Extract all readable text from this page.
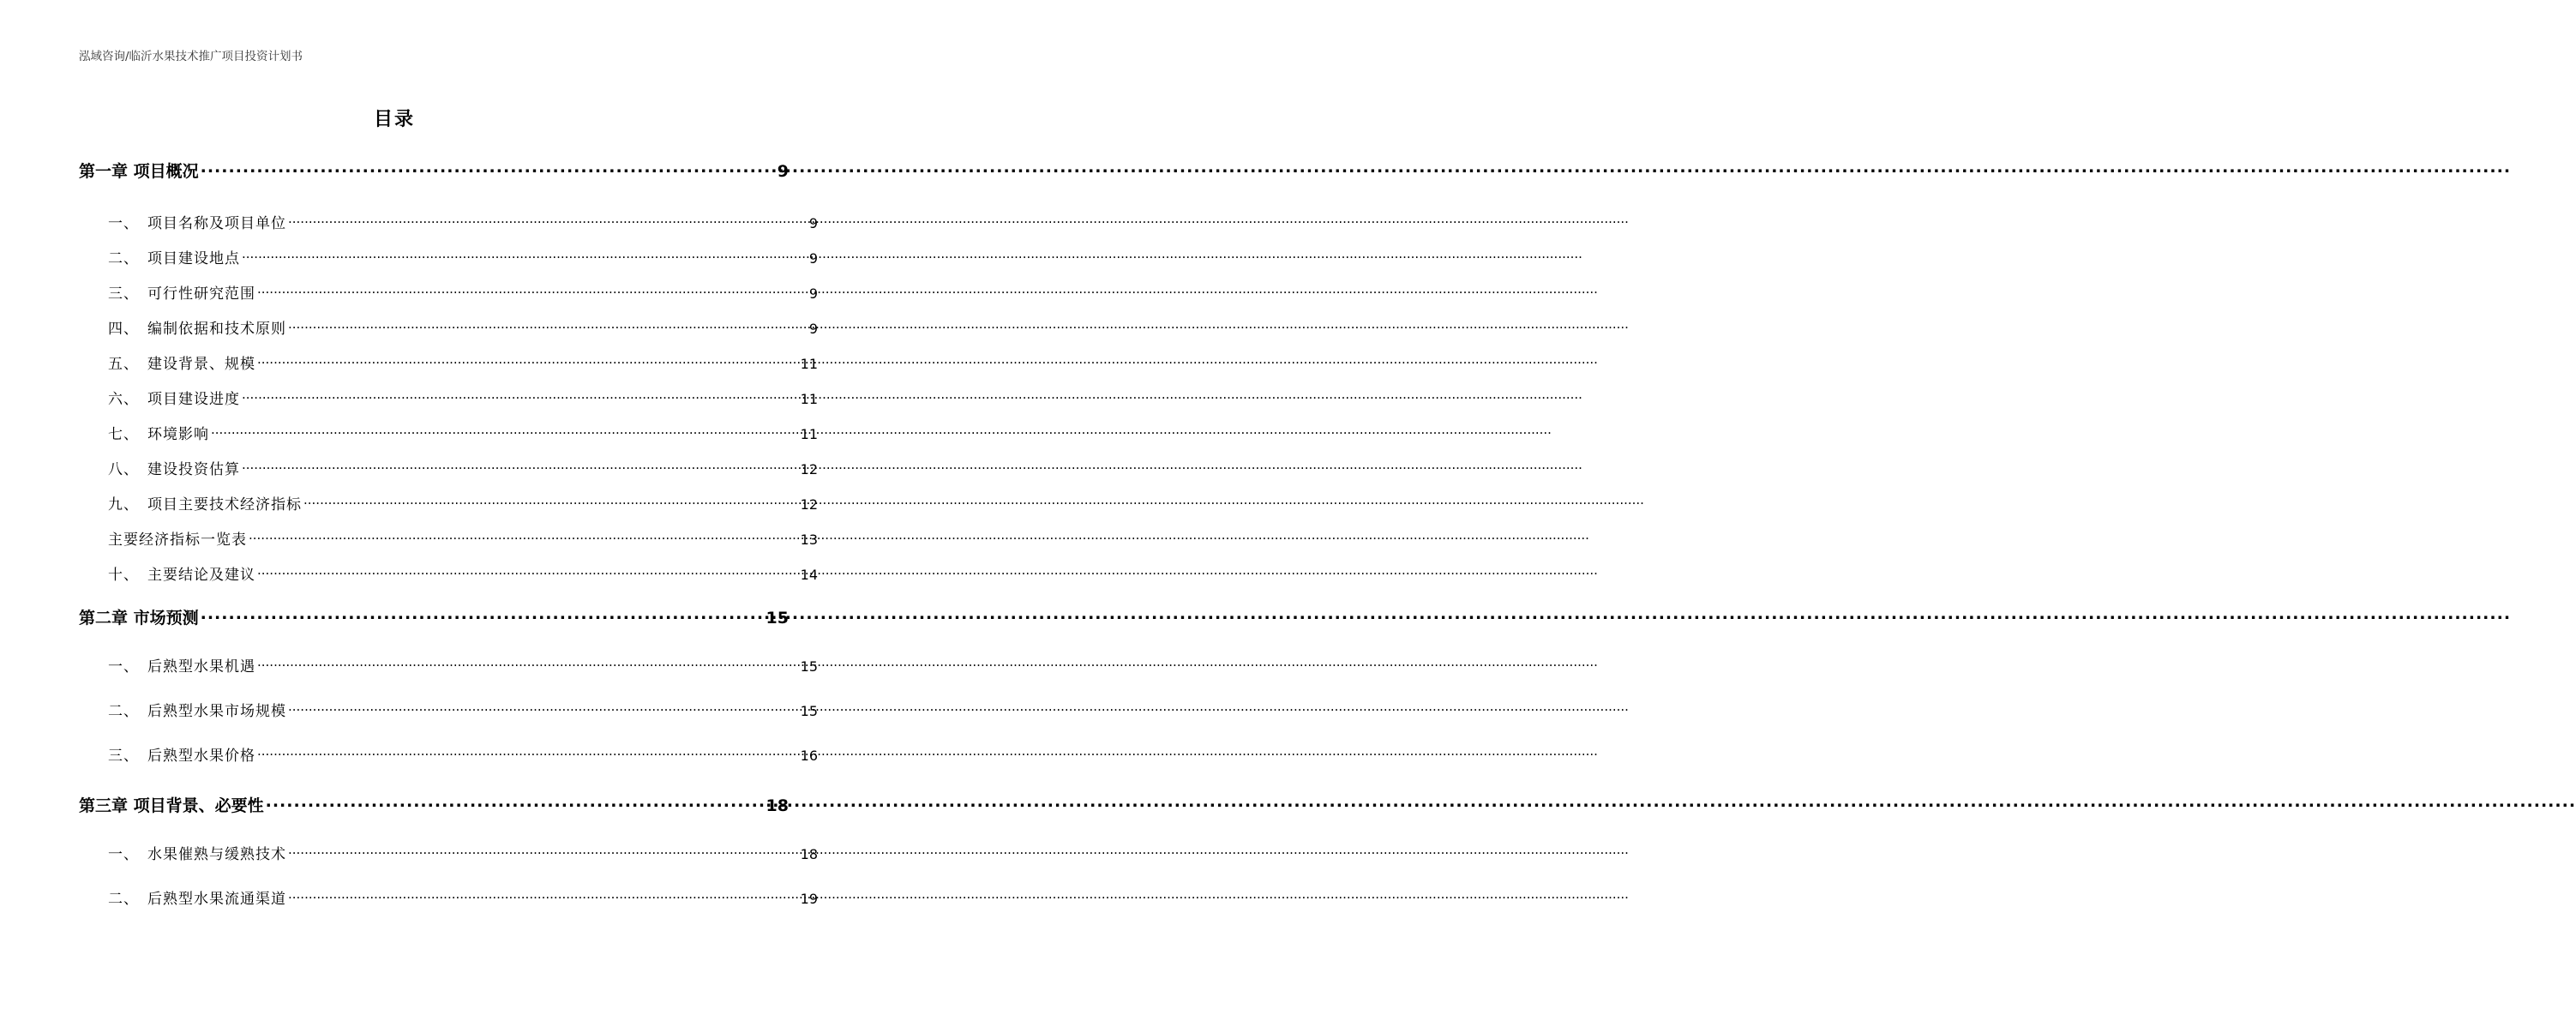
泓域咨询/临沂水果技术推广项目投资计划书
目录
第一章 项目概况 .....	9
一、 项目名称及项目单位 .....	9
二、 项目建设地点 .....	9
三、 可行性研究范围 .....	9
四、 编制依据和技术原则 .....	9
五、 建设背景、规模 .....	11
六、 项目建设进度 .....	11
七、 环境影响 .....	11
八、 建设投资估算 .....	12
九、 项目主要技术经济指标 .....	12
主要经济指标一览表 .....	13
十、 主要结论及建议 .....	14
第二章 市场预测 .....	15
一、 后熟型水果机遇 .....	15
二、 后熟型水果市场规模 .....	15
三、 后熟型水果价格 .....	16
第三章 项目背景、必要性 .....	18
一、 水果催熟与缓熟技术 .....	18
二、 后熟型水果流通渠道 .....	19
